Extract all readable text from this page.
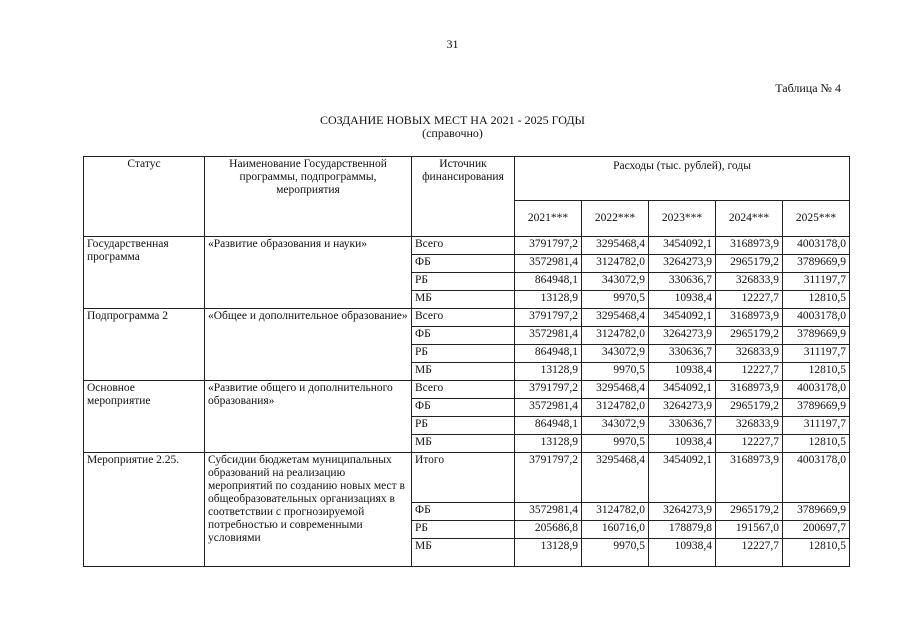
31
Таблица № 4
СОЗДАНИЕ НОВЫХ МЕСТ НА 2021 - 2025 ГОДЫ
(справочно)
Статус	Наименование Государственной программы, подпрограммы, мероприятия	Источник финансирования	Расходы (тыс. рублей), годы				
			2021***	2022***	2023***	2024***	2025***
Государственная программа	«Развитие образования и науки»	Всего	3791797,2	3295468,4	3454092,1	3168973,9	4003178,0
		ФБ	3572981,4	3124782,0	3264273,9	2965179,2	3789669,9
		РБ	864948,1	343072,9	330636,7	326833,9	311197,7
		МБ	13128,9	9970,5	10938,4	12227,7	12810,5
Подпрограмма 2	«Общее и дополнительное образование»	Всего	3791797,2	3295468,4	3454092,1	3168973,9	4003178,0
		ФБ	3572981,4	3124782,0	3264273,9	2965179,2	3789669,9
		РБ	864948,1	343072,9	330636,7	326833,9	311197,7
		МБ	13128,9	9970,5	10938,4	12227,7	12810,5
Основное мероприятие	«Развитие общего и дополнительного образования»	Всего	3791797,2	3295468,4	3454092,1	3168973,9	4003178,0
		ФБ	3572981,4	3124782,0	3264273,9	2965179,2	3789669,9
		РБ	864948,1	343072,9	330636,7	326833,9	311197,7
		МБ	13128,9	9970,5	10938,4	12227,7	12810,5
Мероприятие 2.25.	Субсидии бюджетам муниципальных образований на реализацию мероприятий по созданию новых мест в общеобразовательных организациях в соответствии с прогнозируемой потребностью и современными условиями	Итого	3791797,2	3295468,4	3454092,1	3168973,9	4003178,0
		ФБ	3572981,4	3124782,0	3264273,9	2965179,2	3789669,9
		РБ	205686,8	160716,0	178879,8	191567,0	200697,7
		МБ	13128,9	9970,5	10938,4	12227,7	12810,5
